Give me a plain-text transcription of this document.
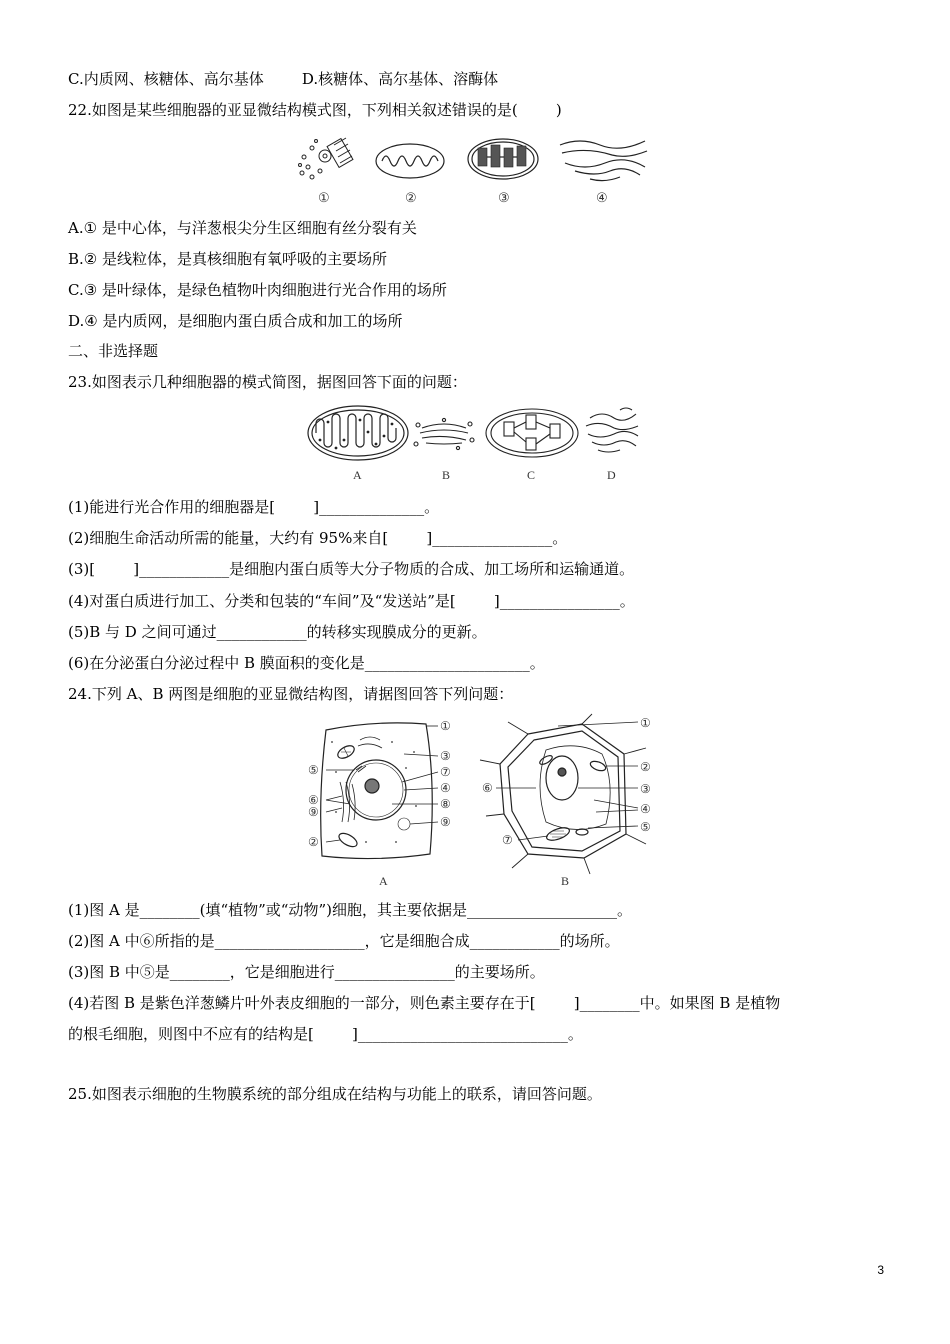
C.内质网、核糖体、高尔基体        D.核糖体、高尔基体、溶酶体
22.如图是某些细胞器的亚显微结构模式图，下列相关叙述错误的是(        )
①	②	③	④
A.① 是中心体，与洋葱根尖分生区细胞有丝分裂有关
B.② 是线粒体，是真核细胞有氧呼吸的主要场所
C.③ 是叶绿体，是绿色植物叶肉细胞进行光合作用的场所
D.④ 是内质网，是细胞内蛋白质合成和加工的场所
二、非选择题
23.如图表示几种细胞器的模式简图，据图回答下面的问题：
A	B	C	D
(1)能进行光合作用的细胞器是[        ]______________。
(2)细胞生命活动所需的能量，大约有 95%来自[        ]________________。
(3)[        ]____________是细胞内蛋白质等大分子物质的合成、加工场所和运输通道。
(4)对蛋白质进行加工、分类和包装的“车间”及“发送站”是[        ]________________。
(5)B 与 D 之间可通过____________的转移实现膜成分的更新。
(6)在分泌蛋白分泌过程中 B 膜面积的变化是______________________。
24.下列 A、B 两图是细胞的亚显微结构图，请据图回答下列问题：
①
③
⑦
④
⑧
⑨
⑤
⑥
⑨
②
A
①
②
③
④
⑤
⑥
⑦
B
(1)图 A 是________(填“植物”或“动物”)细胞，其主要依据是____________________。
(2)图 A 中⑥所指的是____________________，它是细胞合成____________的场所。
(3)图 B 中⑤是________，它是细胞进行________________的主要场所。
(4)若图 B 是紫色洋葱鳞片叶外表皮细胞的一部分，则色素主要存在于[        ]________中。如果图 B 是植物
的根毛细胞，则图中不应有的结构是[        ]____________________________。
25.如图表示细胞的生物膜系统的部分组成在结构与功能上的联系，请回答问题。
3
